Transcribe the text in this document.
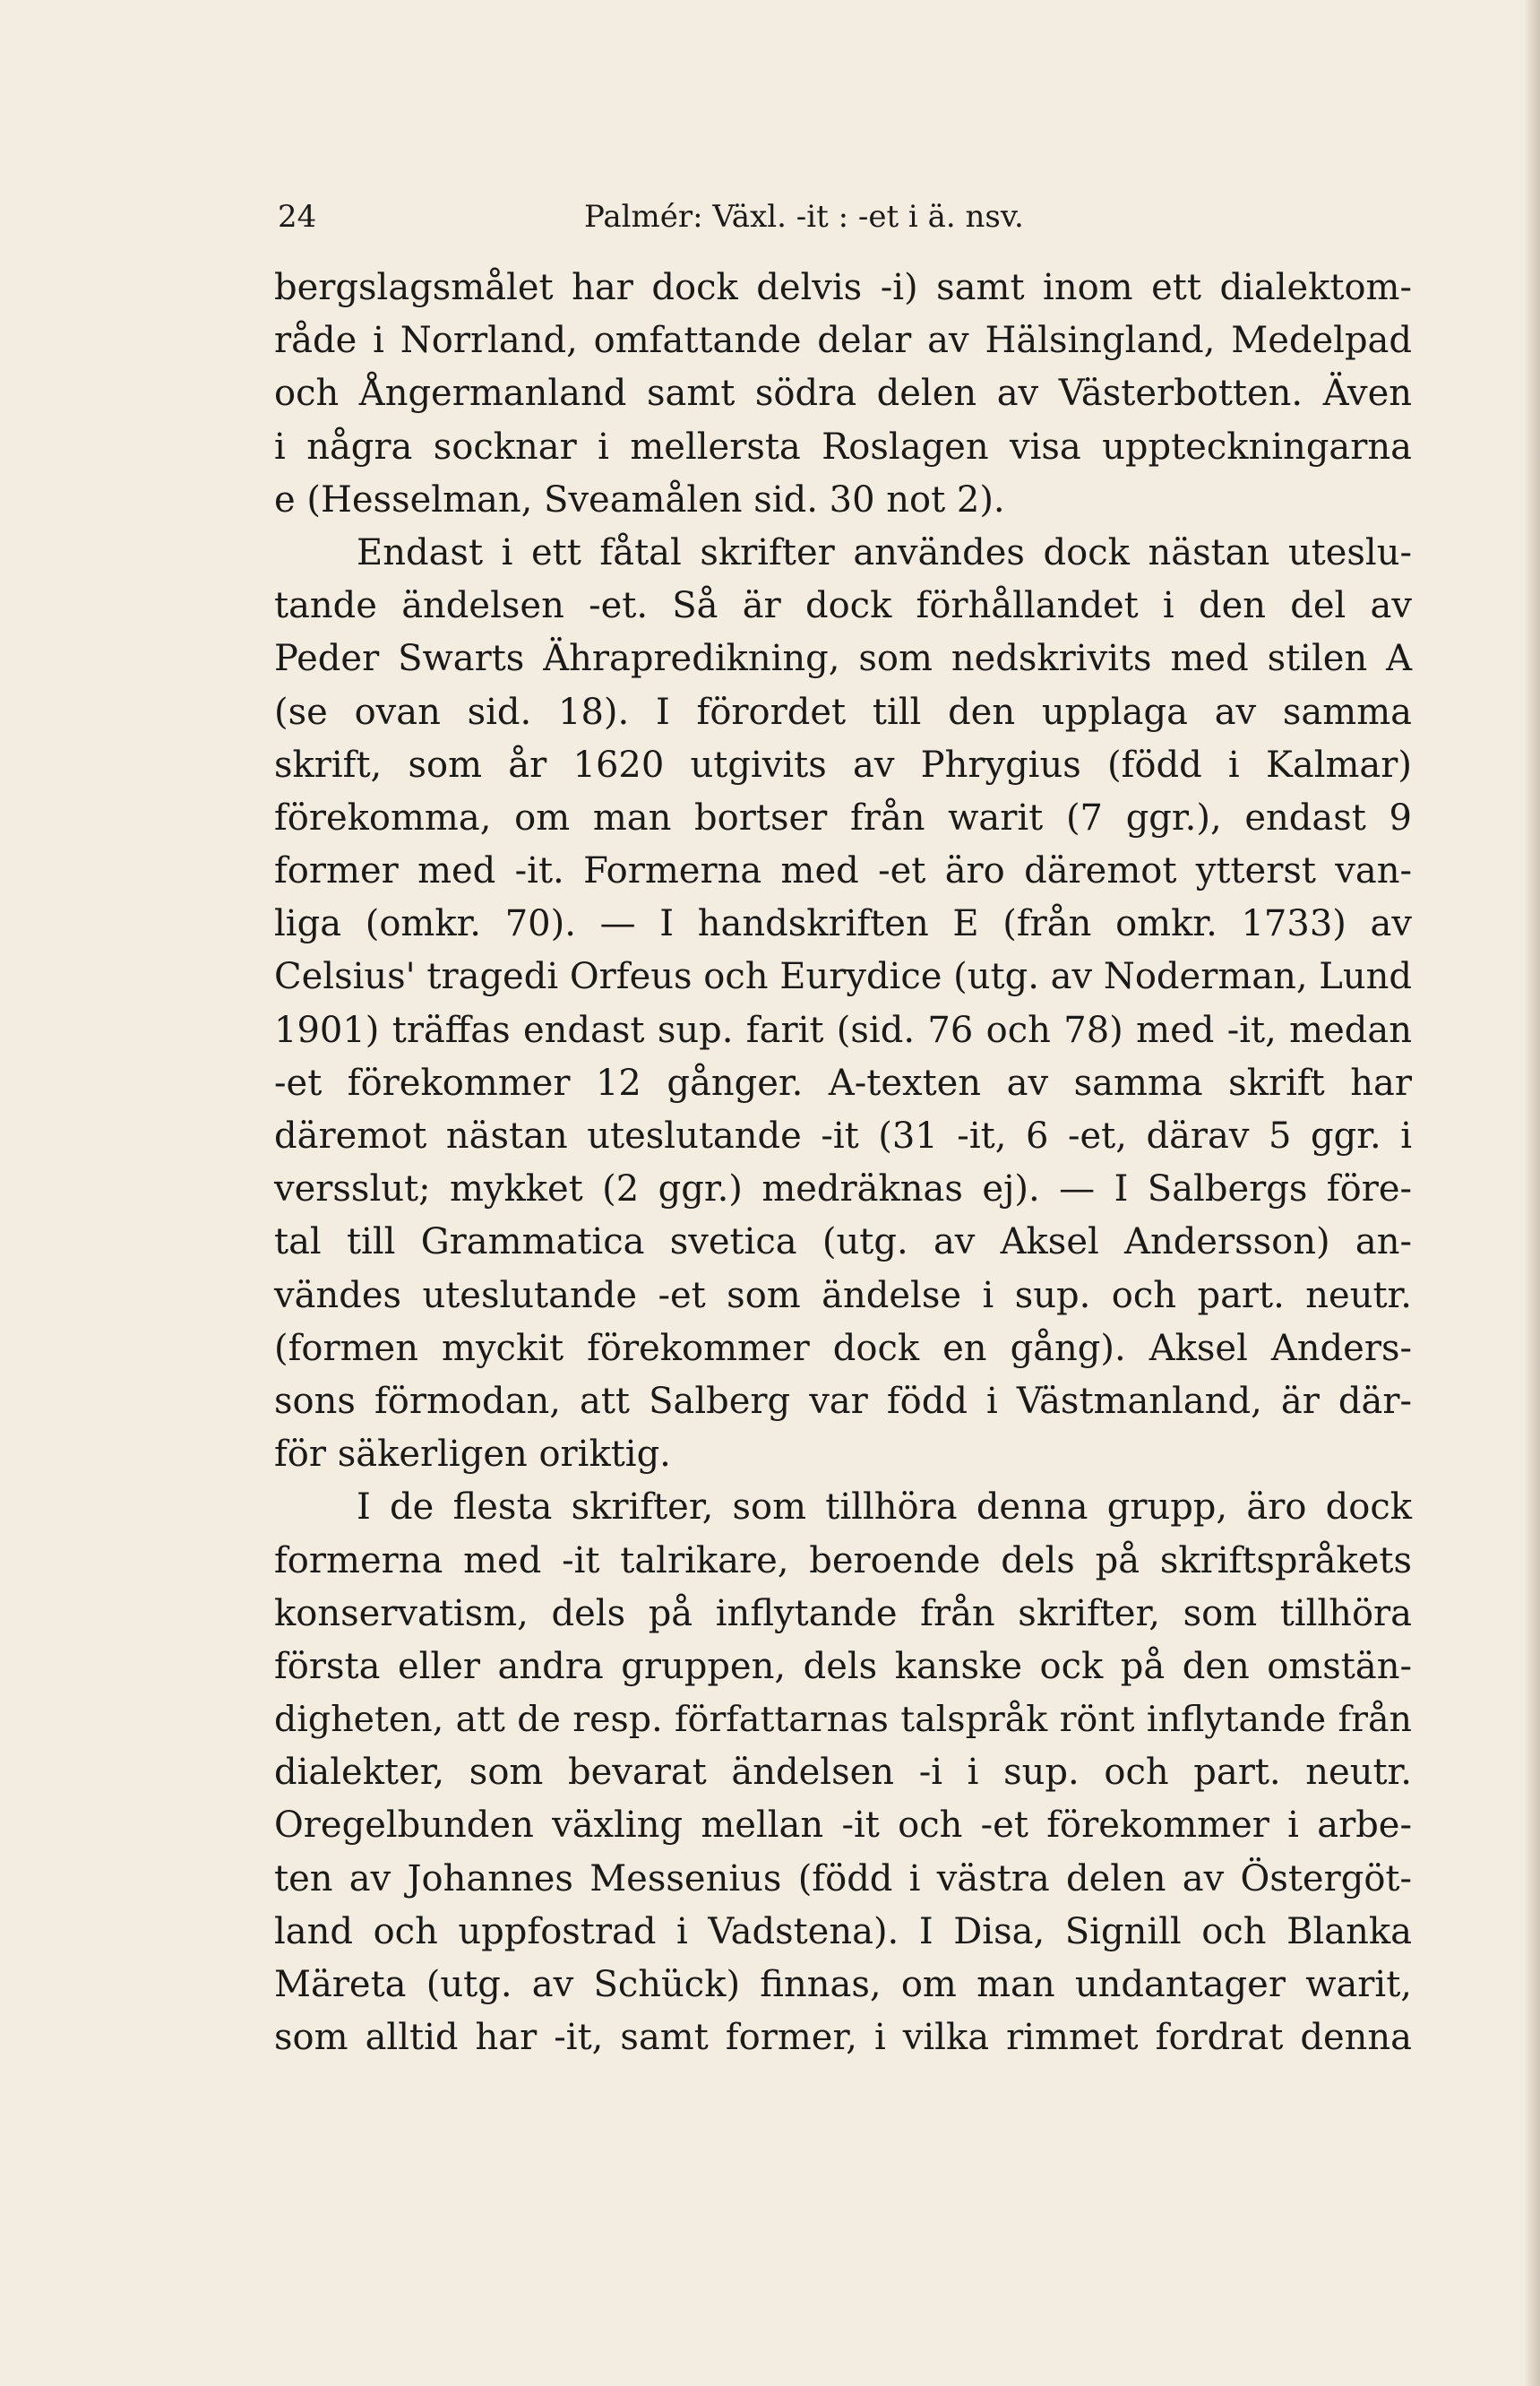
24	Palmér: Växl. -it : -et i ä. nsv.
bergslagsmålet har dock delvis -i) samt inom ett dialektom-
råde i Norrland, omfattande delar av Hälsingland, Medelpad
och Ångermanland samt södra delen av Västerbotten. Även
i några socknar i mellersta Roslagen visa uppteckningarna
e (Hesselman, Sveamålen sid. 30 not 2).
Endast i ett fåtal skrifter användes dock nästan uteslu-
tande ändelsen -et. Så är dock förhållandet i den del av
Peder Swarts Ährapredikning, som nedskrivits med stilen A
(se ovan sid. 18). I förordet till den upplaga av samma
skrift, som år 1620 utgivits av Phrygius (född i Kalmar)
förekomma, om man bortser från warit (7 ggr.), endast 9
former med -it. Formerna med -et äro däremot ytterst van-
liga (omkr. 70). — I handskriften E (från omkr. 1733) av
Celsius' tragedi Orfeus och Eurydice (utg. av Noderman, Lund
1901) träffas endast sup. farit (sid. 76 och 78) med -it, medan
-et förekommer 12 gånger. A-texten av samma skrift har
däremot nästan uteslutande -it (31 -it, 6 -et, därav 5 ggr. i
versslut; mykket (2 ggr.) medräknas ej). — I Salbergs före-
tal till Grammatica svetica (utg. av Aksel Andersson) an-
vändes uteslutande -et som ändelse i sup. och part. neutr.
(formen myckit förekommer dock en gång). Aksel Anders-
sons förmodan, att Salberg var född i Västmanland, är där-
för säkerligen oriktig.
I de flesta skrifter, som tillhöra denna grupp, äro dock
formerna med -it talrikare, beroende dels på skriftspråkets
konservatism, dels på inflytande från skrifter, som tillhöra
första eller andra gruppen, dels kanske ock på den omstän-
digheten, att de resp. författarnas talspråk rönt inflytande från
dialekter, som bevarat ändelsen -i i sup. och part. neutr.
Oregelbunden växling mellan -it och -et förekommer i arbe-
ten av Johannes Messenius (född i västra delen av Östergöt-
land och uppfostrad i Vadstena). I Disa, Signill och Blanka
Märeta (utg. av Schück) finnas, om man undantager warit,
som alltid har -it, samt former, i vilka rimmet fordrat denna
